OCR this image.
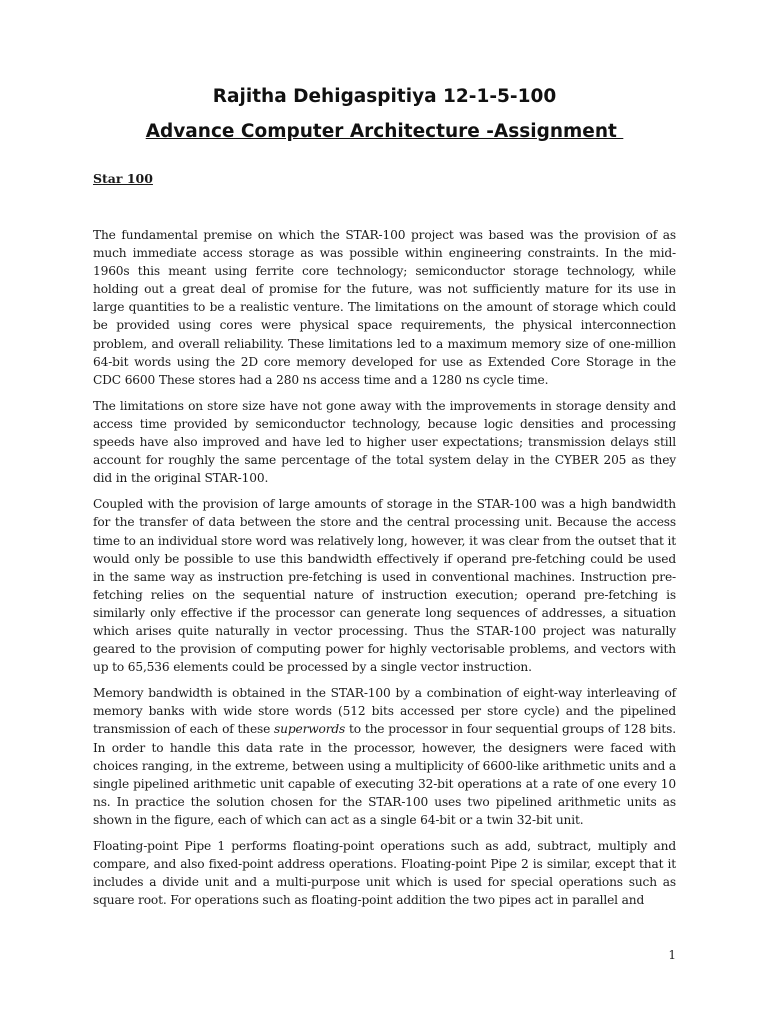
Rajitha Dehigaspitiya 12-1-5-100
Advance Computer Architecture -Assignment
Star 100

The fundamental premise on which the STAR-100 project was based was the provision of as much immediate access storage as was possible within engineering constraints. In the mid-1960s this meant using ferrite core technology; semiconductor storage technology, while holding out a great deal of promise for the future, was not sufficiently mature for its use in large quantities to be a realistic venture. The limitations on the amount of storage which could be provided using cores were physical space requirements, the physical interconnection problem, and overall reliability. These limitations led to a maximum memory size of one-million 64-bit words using the 2D core memory developed for use as Extended Core Storage in the CDC 6600 These stores had a 280 ns access time and a 1280 ns cycle time.

The limitations on store size have not gone away with the improvements in storage density and access time provided by semiconductor technology, because logic densities and processing speeds have also improved and have led to higher user expectations; transmission delays still account for roughly the same percentage of the total system delay in the CYBER 205 as they did in the original STAR-100.

Coupled with the provision of large amounts of storage in the STAR-100 was a high bandwidth for the transfer of data between the store and the central processing unit. Because the access time to an individual store word was relatively long, however, it was clear from the outset that it would only be possible to use this bandwidth effectively if operand pre-fetching could be used in the same way as instruction pre-fetching is used in conventional machines. Instruction pre-fetching relies on the sequential nature of instruction execution; operand pre-fetching is similarly only effective if the processor can generate long sequences of addresses, a situation which arises quite naturally in vector processing. Thus the STAR-100 project was naturally geared to the provision of computing power for highly vectorisable problems, and vectors with up to 65,536 elements could be processed by a single vector instruction.

Memory bandwidth is obtained in the STAR-100 by a combination of eight-way interleaving of memory banks with wide store words (512 bits accessed per store cycle) and the pipelined transmission of each of these superwords to the processor in four sequential groups of 128 bits. In order to handle this data rate in the processor, however, the designers were faced with choices ranging, in the extreme, between using a multiplicity of 6600-like arithmetic units and a single pipelined arithmetic unit capable of executing 32-bit operations at a rate of one every 10 ns. In practice the solution chosen for the STAR-100 uses two pipelined arithmetic units as shown in the figure, each of which can act as a single 64-bit or a twin 32-bit unit.

Floating-point Pipe 1 performs floating-point operations such as add, subtract, multiply and compare, and also fixed-point address operations. Floating-point Pipe 2 is similar, except that it includes a divide unit and a multi-purpose unit which is used for special operations such as square root. For operations such as floating-point addition the two pipes act in parallel and

1
